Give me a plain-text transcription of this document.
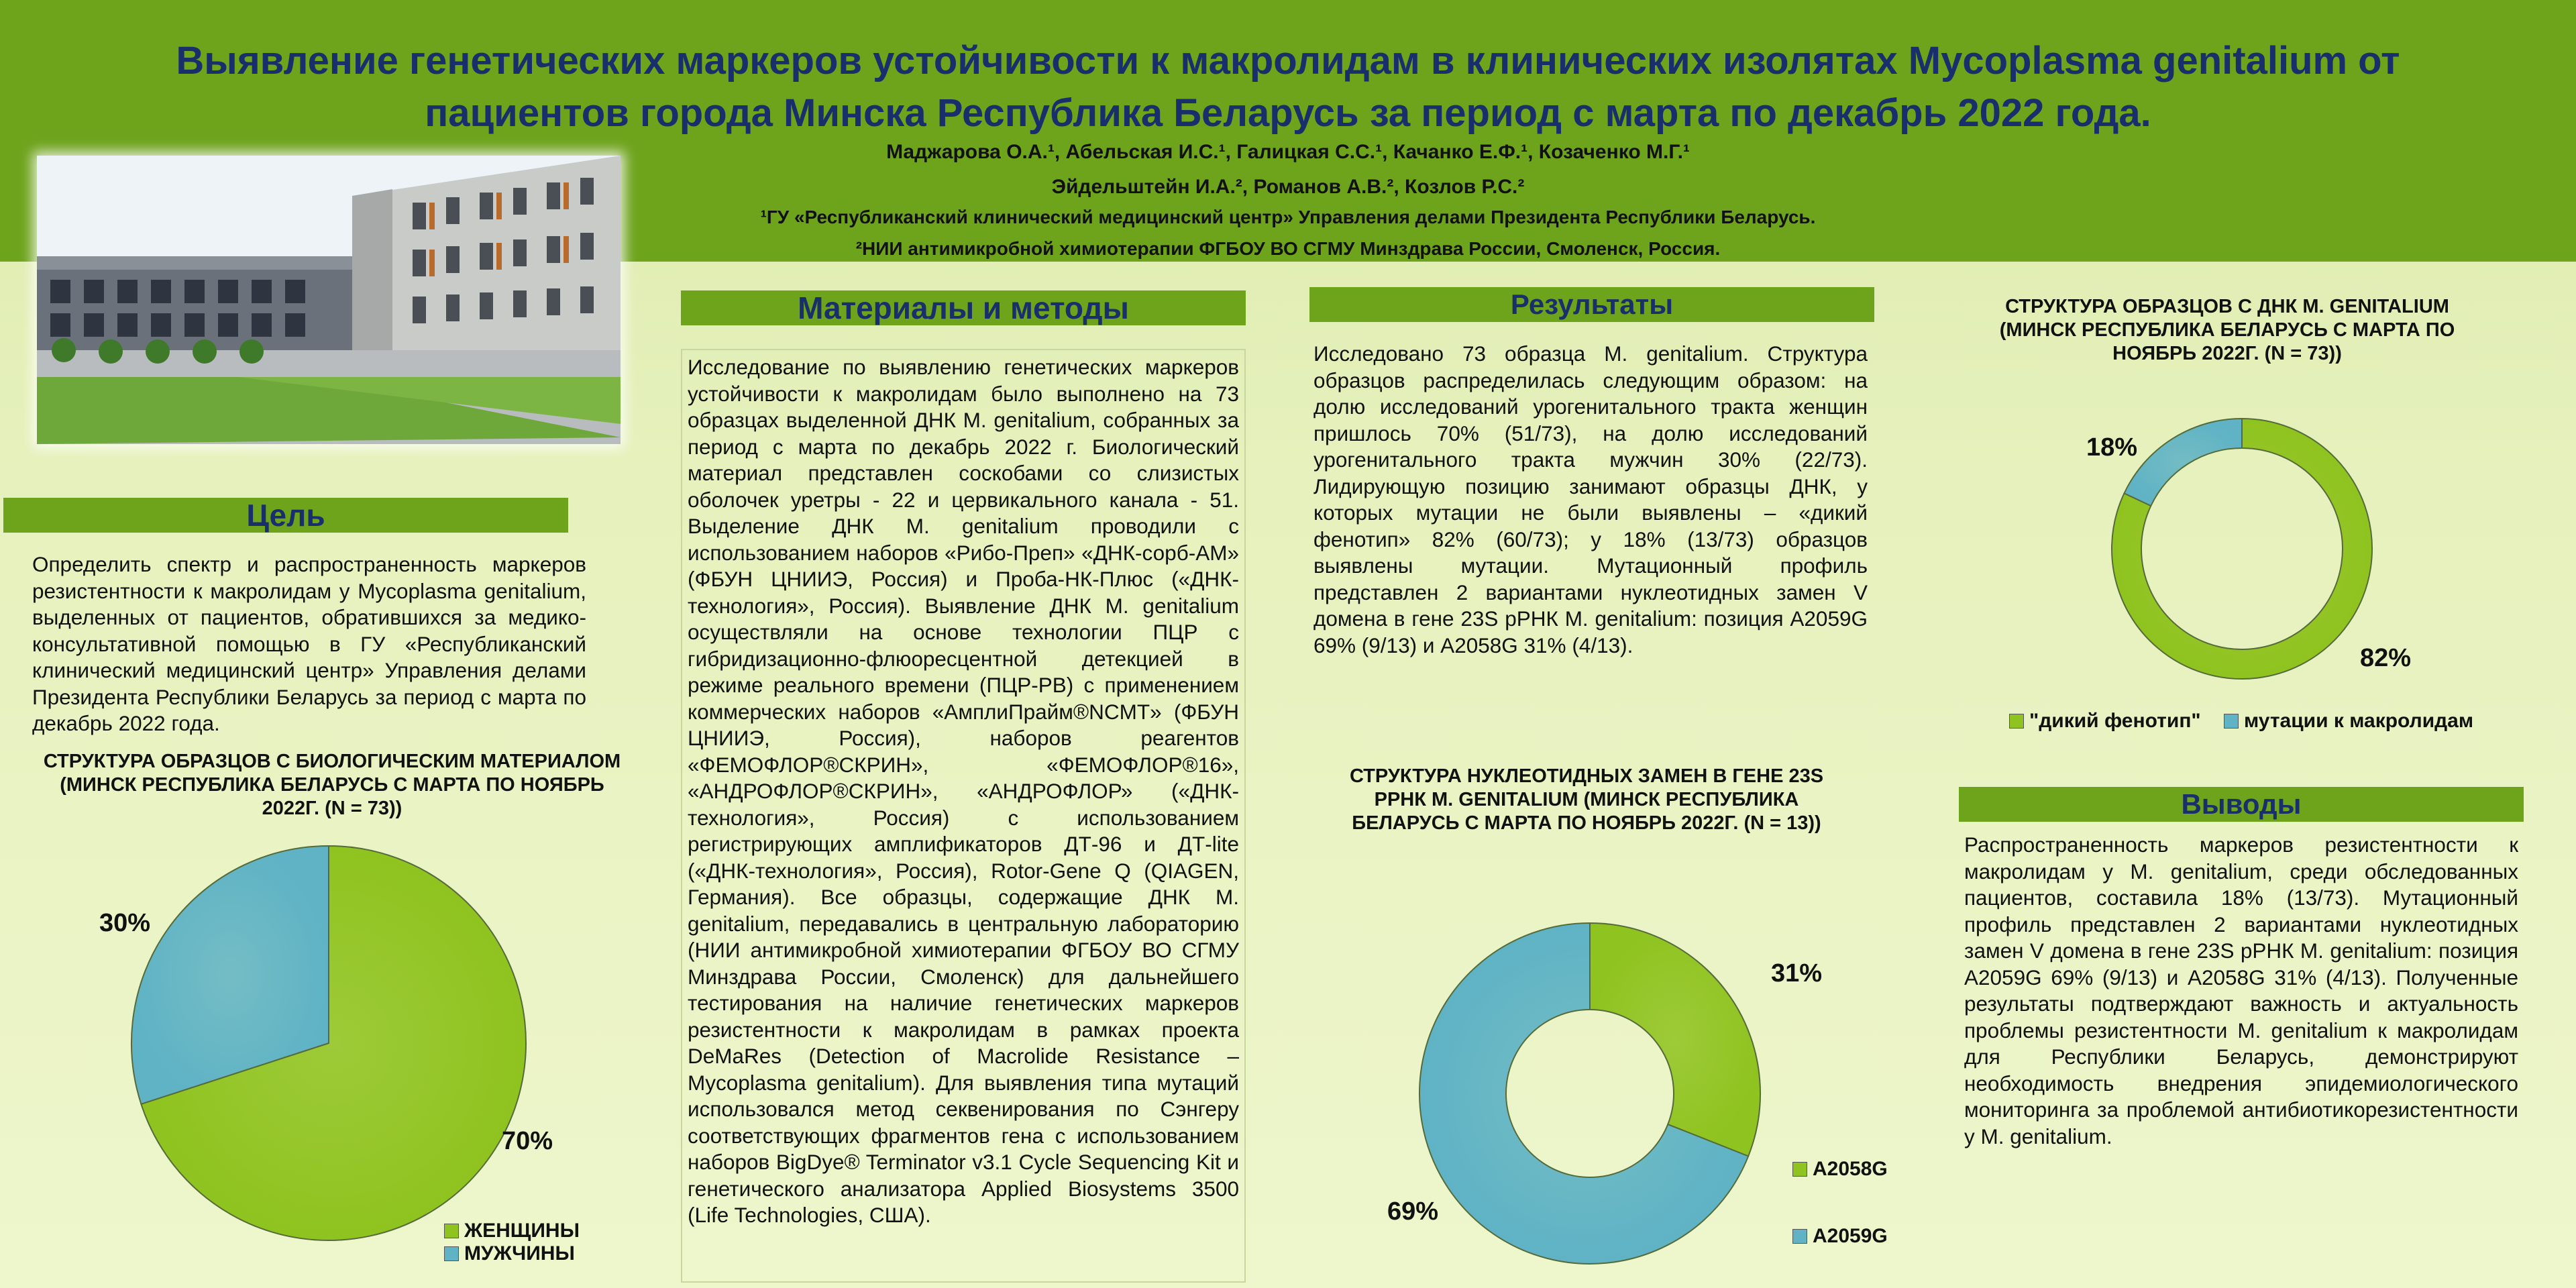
Выявление генетических маркеров устойчивости к макролидам в клинических изолятах Mycoplasma genitalium от
пациентов города Минска Республика Беларусь за период с марта по декабрь 2022 года.
Маджарова О.А.¹, Абельская И.С.¹, Галицкая С.С.¹, Качанко Е.Ф.¹, Козаченко М.Г.¹
Эйдельштейн И.А.², Романов А.В.², Козлов Р.С.²
¹ГУ «Республиканский клинический медицинский центр» Управления делами Президента Республики Беларусь.
²НИИ антимикробной химиотерапии ФГБОУ ВО СГМУ Минздрава России, Смоленск, Россия.
Цель
Определить спектр и распространенность маркеров резистентности к макролидам у Mycoplasma genitalium, выделенных от пациентов, обратившихся за медико-консультативной помощью в ГУ «Республиканский клинический медицинский центр» Управления делами Президента Республики Беларусь за период с марта по декабрь 2022 года.
СТРУКТУРА ОБРАЗЦОВ С БИОЛОГИЧЕСКИМ МАТЕРИАЛОМ (МИНСК РЕСПУБЛИКА БЕЛАРУСЬ С МАРТА ПО НОЯБРЬ 2022Г. (N = 73))
30%
70%
ЖЕНЩИНЫ
МУЖЧИНЫ
Материалы и методы
Исследование по выявлению генетических маркеров устойчивости к макролидам было выполнено на 73 образцах выделенной ДНК M. genitalium, собранных за период с марта по декабрь 2022 г. Биологический материал представлен соскобами со слизистых оболочек уретры - 22 и цервикального канала - 51. Выделение ДНК M. genitalium проводили с использованием наборов «Рибо-Преп» «ДНК-сорб-АМ» (ФБУН ЦНИИЭ, Россия) и Проба-НК-Плюс («ДНК-технология», Россия). Выявление ДНК M. genitalium осуществляли на основе технологии ПЦР с гибридизационно-флюоресцентной детекцией в режиме реального времени (ПЦР-РВ) с применением коммерческих наборов «АмплиПрайм®NCMT» (ФБУН ЦНИИЭ, Россия), наборов реагентов «ФЕМОФЛОР®СКРИН», «ФЕМОФЛОР®16», «АНДРОФЛОР®СКРИН», «АНДРОФЛОР» («ДНК-технология», Россия) с использованием регистрирующих амплификаторов ДТ-96 и ДТ-lite («ДНК-технология», Россия), Rotor-Gene Q (QIAGEN, Германия). Все образцы, содержащие ДНК M. genitalium, передавались в центральную лабораторию (НИИ антимикробной химиотерапии ФГБОУ ВО СГМУ Минздрава России, Смоленск) для дальнейшего тестирования на наличие генетических маркеров резистентности к макролидам в рамках проекта DeMaRes (Detection of Macrolide Resistance – Mycoplasma genitalium). Для выявления типа мутаций использовался метод секвенирования по Сэнгеру соответствующих фрагментов гена с использованием наборов BigDye® Terminator v3.1 Cycle Sequencing Kit и генетического анализатора Applied Biosystems 3500 (Life Technologies, США).
Результаты
Исследовано 73 образца M. genitalium. Структура образцов распределилась следующим образом: на долю исследований урогенитального тракта женщин пришлось 70% (51/73), на долю исследований урогенитального тракта мужчин 30% (22/73). Лидирующую позицию занимают образцы ДНК, у которых мутации не были выявлены – «дикий фенотип» 82% (60/73); у 18% (13/73) образцов выявлены мутации. Мутационный профиль представлен 2 вариантами нуклеотидных замен V домена в гене 23S рРНК M. genitalium: позиция A2059G 69% (9/13) и A2058G 31% (4/13).
СТРУКТУРА НУКЛЕОТИДНЫХ ЗАМЕН В ГЕНЕ 23S РРНК M. GENITALIUM (МИНСК РЕСПУБЛИКА БЕЛАРУСЬ С МАРТА ПО НОЯБРЬ 2022Г. (N = 13))
31%
69%
A2058G
A2059G
СТРУКТУРА ОБРАЗЦОВ С ДНК M. GENITALIUM (МИНСК РЕСПУБЛИКА БЕЛАРУСЬ С МАРТА ПО НОЯБРЬ 2022Г. (N = 73))
18%
82%
"дикий фенотип" мутации к макролидам
Выводы
Распространенность маркеров резистентности к макролидам у M. genitalium, среди обследованных пациентов, составила 18% (13/73). Мутационный профиль представлен 2 вариантами нуклеотидных замен V домена в гене 23S рРНК M. genitalium: позиция A2059G 69% (9/13) и A2058G 31% (4/13). Полученные результаты подтверждают важность и актуальность проблемы резистентности M. genitalium к макролидам для Республики Беларусь, демонстрируют необходимость внедрения эпидемиологического мониторинга за проблемой антибиотикорезистентности у M. genitalium.
